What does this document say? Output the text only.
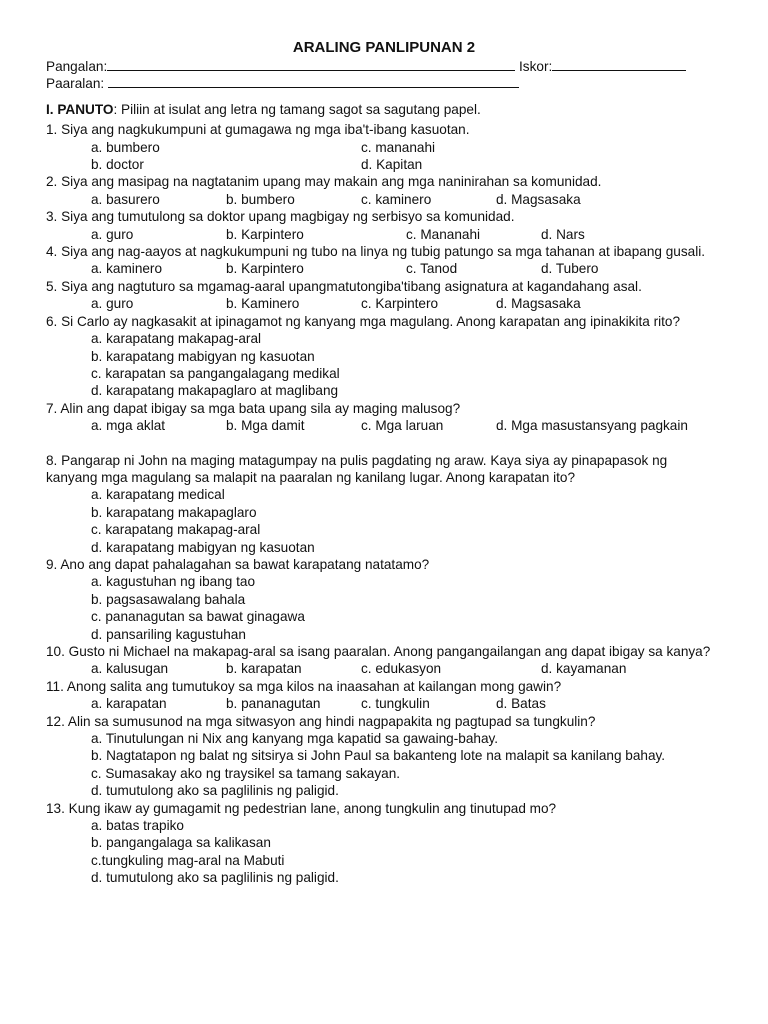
ARALING PANLIPUNAN 2
Pangalan:	Iskor:
Paaralan:
I. PANUTO: Piliin at isulat ang letra ng tamang sagot sa sagutang papel.
1. Siya ang nagkukumpuni at gumagawa ng mga iba't-ibang kasuotan.
a. bumbero	c. mananahi
b. doctor	d. Kapitan
2. Siya ang masipag na nagtatanim upang may makain ang mga naninirahan sa komunidad.
a. basurero	b. bumbero	c. kaminero	d. Magsasaka
3. Siya ang tumutulong sa doktor upang magbigay ng serbisyo sa komunidad.
a. guro	b. Karpintero	c. Mananahi	d. Nars
4. Siya ang nag-aayos at nagkukumpuni ng tubo na linya ng tubig patungo sa mga tahanan at ibapang gusali.
a. kaminero	b. Karpintero	c. Tanod	d. Tubero
5. Siya ang nagtuturo sa mgamag-aaral upangmatutongiba'tibang asignatura at kagandahang asal.
a. guro	b. Kaminero	c. Karpintero	d. Magsasaka
6. Si Carlo ay nagkasakit at ipinagamot ng kanyang mga magulang. Anong karapatan ang ipinakikita rito?
a. karapatang makapag-aral
b. karapatang mabigyan ng kasuotan
c. karapatan sa pangangalagang medikal
d. karapatang makapaglaro at maglibang
7. Alin ang dapat ibigay sa mga bata upang sila ay maging malusog?
a. mga aklat	b. Mga damit	c. Mga laruan	d. Mga masustansyang pagkain
8. Pangarap ni John na maging matagumpay na pulis pagdating ng araw. Kaya siya ay pinapapasok ng kanyang mga magulang sa malapit na paaralan ng kanilang lugar. Anong karapatan ito?
a. karapatang medical
b. karapatang makapaglaro
c. karapatang makapag-aral
d. karapatang mabigyan ng kasuotan
9. Ano ang dapat pahalagahan sa bawat karapatang natatamo?
a. kagustuhan ng ibang tao
b. pagsasawalang bahala
c. pananagutan sa bawat ginagawa
d. pansariling kagustuhan
10. Gusto ni Michael na makapag-aral sa isang paaralan. Anong pangangailangan ang dapat ibigay sa kanya?
a. kalusugan	b. karapatan	c. edukasyon	d. kayamanan
11. Anong salita ang tumutukoy sa mga kilos na inaasahan at kailangan mong gawin?
a. karapatan	b. pananagutan	c. tungkulin	d. Batas
12. Alin sa sumusunod na mga sitwasyon ang hindi nagpapakita ng pagtupad sa tungkulin?
a. Tinutulungan ni Nix ang kanyang mga kapatid sa gawaing-bahay.
b. Nagtatapon ng balat ng sitsirya si John Paul sa bakanteng lote na malapit sa kanilang bahay.
c. Sumasakay ako ng traysikel sa tamang sakayan.
d. tumutulong ako sa paglilinis ng paligid.
13. Kung ikaw ay gumagamit ng pedestrian lane, anong tungkulin ang tinutupad mo?
a. batas trapiko
b. pangangalaga sa kalikasan
c.tungkuling mag-aral na Mabuti
d. tumutulong ako sa paglilinis ng paligid.
